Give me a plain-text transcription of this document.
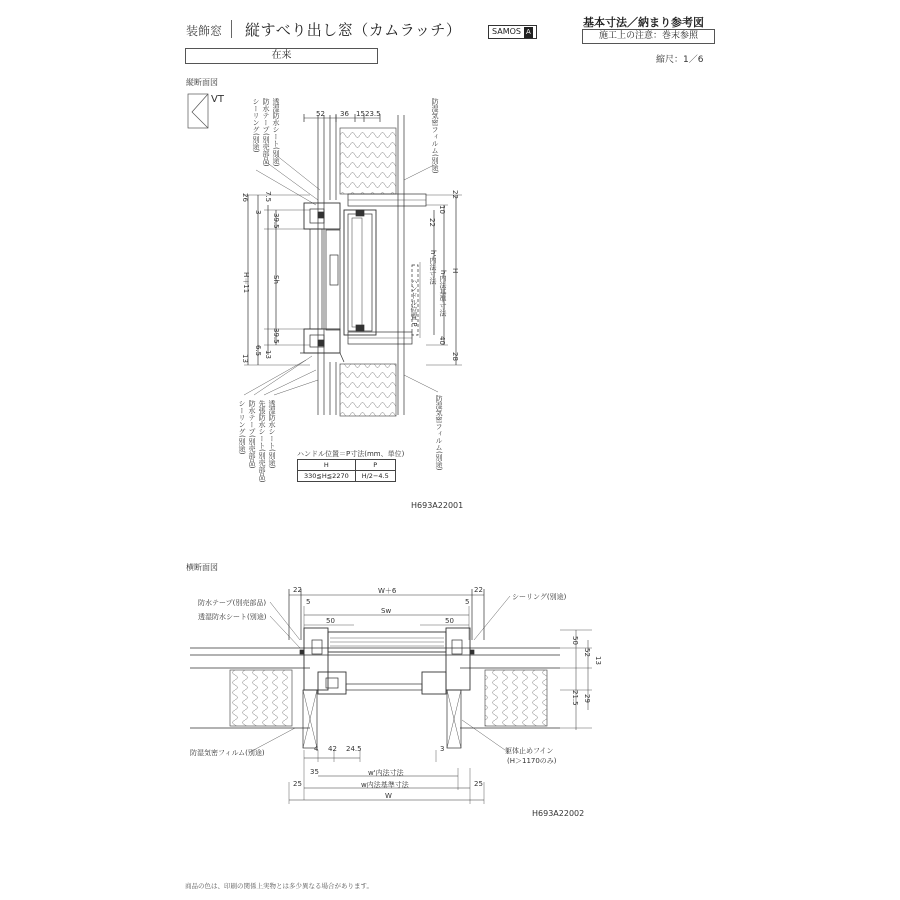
装飾窓 縦すべり出し窓（カムラッチ）	SAMOS A
基本寸法／納まり参考図
施工上の注意：巻末参照
縮尺：1／6
在来
縦断面図
VT	シーリング(別途) 防水テープ(別売部品) 透湿防水シート(別途)	防湿気密フィルム(別途)
シーリング(別途) 防水テープ(別売部品) 先張防水シート(別売部品) 透湿防水シート(別途)	防湿気密フィルム(別途)
52 36 15 23.5
26 7.5
3
39.5
H＋11	Sh
39.5
13
6.5 13
22
10
22
H
h内法基準寸法
h'内法寸法
ハンドル位置 P
40
28
ハンドル位置＝P寸法(mm、単位)
H	P
330≦H≦2270	H/2−4.5
H693A22001
横断面図
防水テープ(別売部品)
透湿防水シート(別途)
防湿気密フィルム(別途)
シーリング(別途)
躯体止めフイン
(H＞1170のみ)
22	W＋6	22
5	5
Sw
50	50
50
52
13
21.5 29
4 42 24.5	3
35
25	25
w'内法寸法
w内法基準寸法
W
H693A22002
商品の色は、印刷の関係上実物とは多少異なる場合があります。
